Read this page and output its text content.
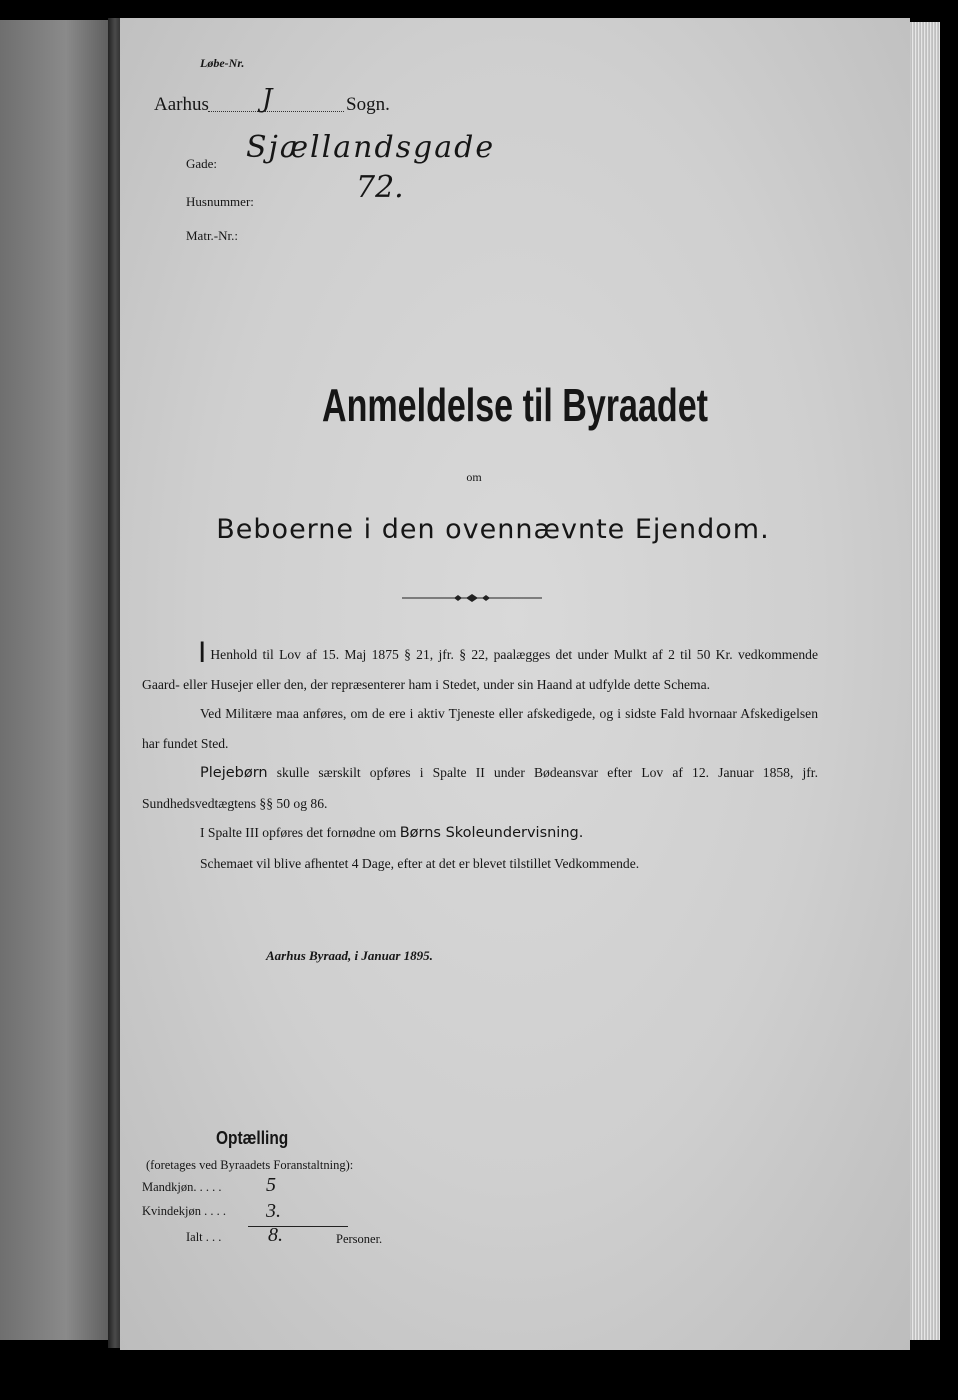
Løbe-Nr.
Aarhus J	Sogn.
Gade: Sjællandsgade
Husnummer:	72.
Matr.-Nr.:
Anmeldelse til Byraadet
om
Beboerne i den ovennævnte Ejendom.

I Henhold til Lov af 15. Maj 1875 § 21, jfr. § 22, paalægges det under Mulkt af 2 til 50 Kr. vedkommende Gaard- eller Husejer eller den, der repræsenterer ham i Stedet, under sin Haand at udfylde dette Schema.

Ved Militære maa anføres, om de ere i aktiv Tjeneste eller afskedigede, og i sidste Fald hvornaar Afskedigelsen har fundet Sted.

Plejebørn skulle særskilt opføres i Spalte II under Bødeansvar efter Lov af 12. Januar 1858, jfr. Sundhedsvedtægtens §§ 50 og 86.

I Spalte III opføres det fornødne om Børns Skoleundervisning.

Schemaet vil blive afhentet 4 Dage, efter at det er blevet tilstillet Vedkommende.

Aarhus Byraad, i Januar 1895.
Optælling
(foretages ved Byraadets Foranstaltning):
Mandkjøn. . . . . 5
Kvindekjøn . . . . 3.
Ialt . . . 8.	Personer.
